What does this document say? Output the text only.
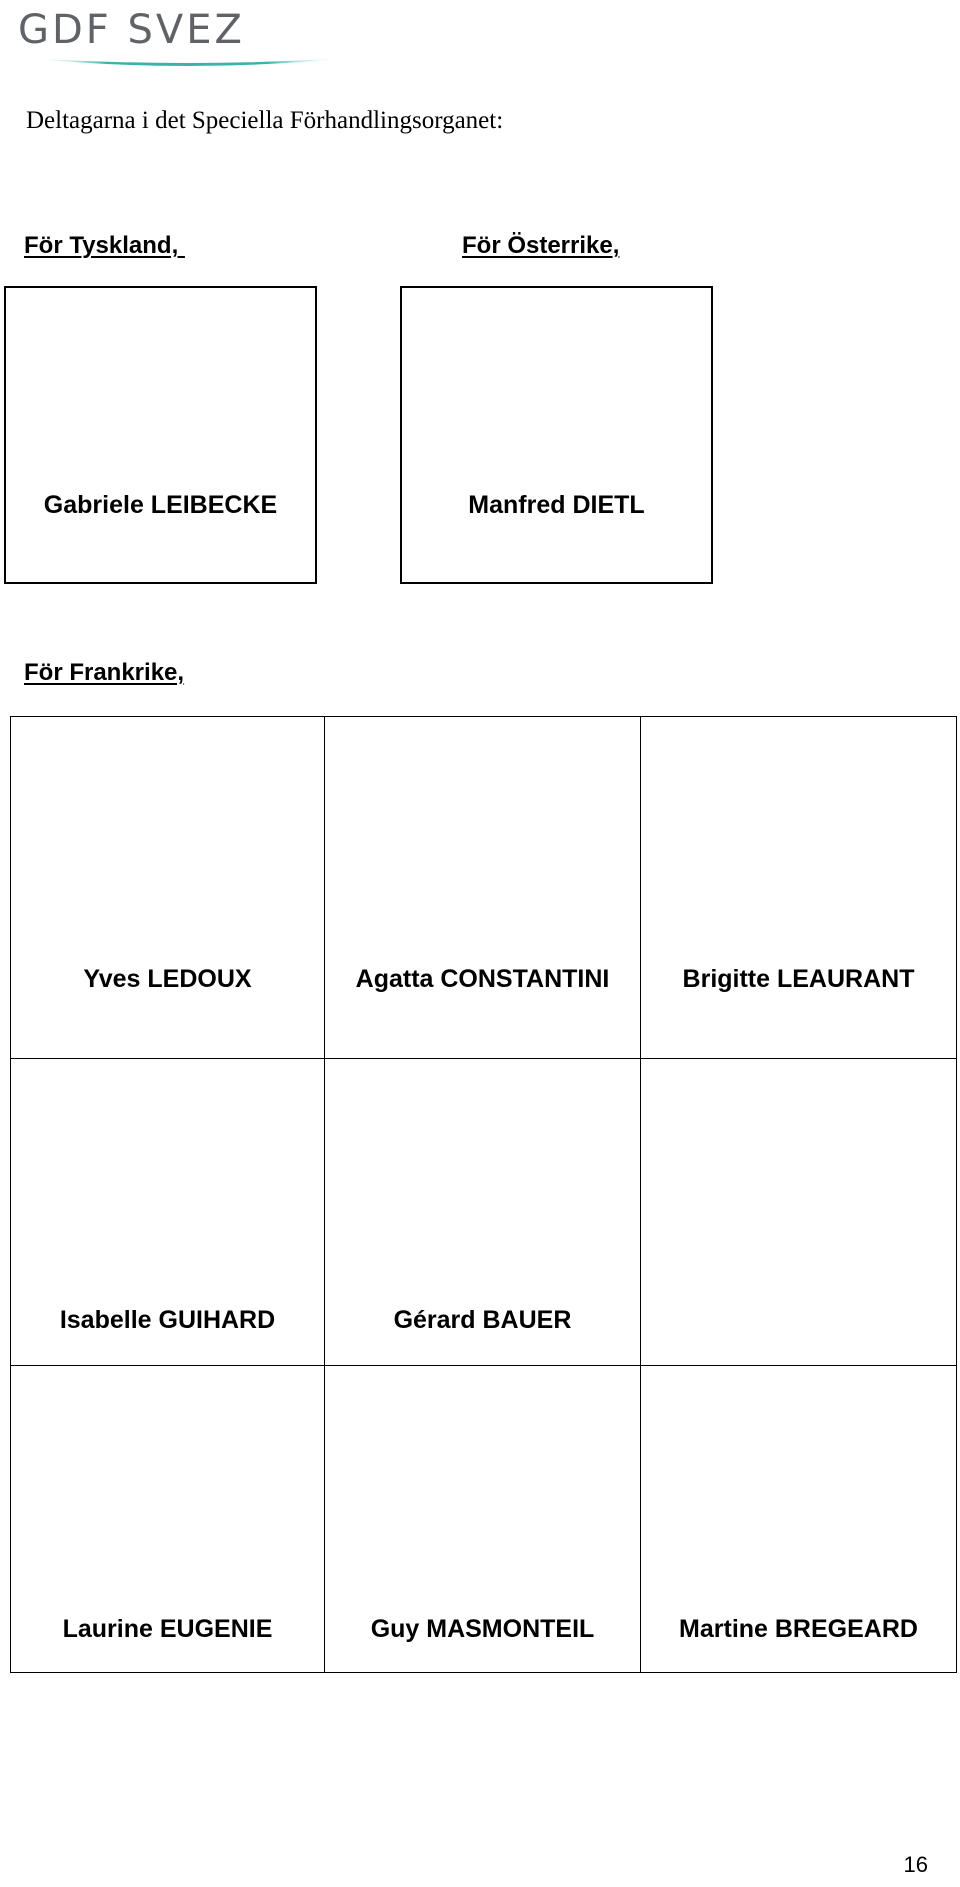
GDF SVEZ
Deltagarna i det Speciella Förhandlingsorganet:
För Tyskland,
Gabriele LEIBECKE
För Österrike,
Manfred DIETL
För Frankrike,
Yves LEDOUX	Agatta CONSTANTINI	Brigitte LEAURANT

Isabelle GUIHARD	Gérard BAUER	

Laurine EUGENIE	Guy MASMONTEIL	Martine BREGEARD
16
